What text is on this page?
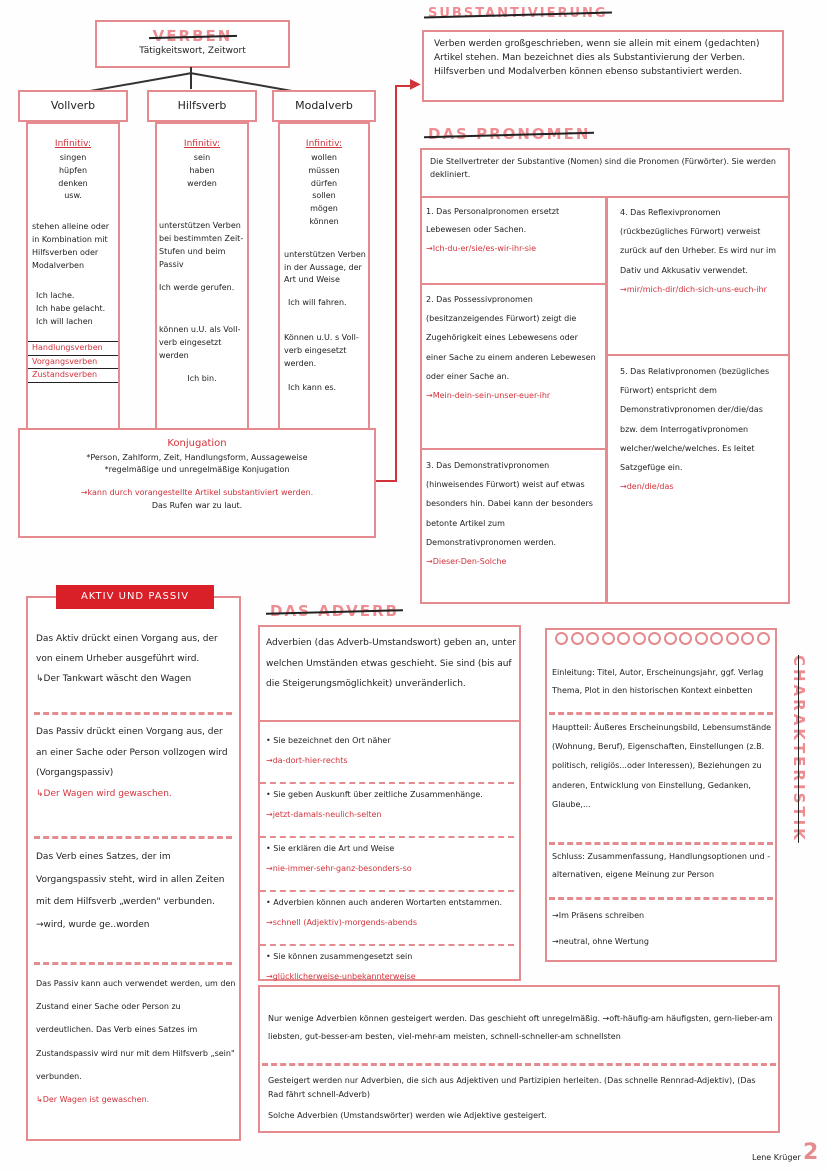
VERBEN
Tätigkeitswort, Zeitwort
Vollverb
Infinitiv:
singen
hüpfen
denken
usw.
stehen alleine oder in Kombination mit Hilfsverben oder Modalverben
Ich lache.
Ich habe gelacht.
Ich will lachen
Handlungsverben
Vorgangsverben
Zustandsverben
Hilfsverb
Infinitiv:
sein
haben
werden
unterstützen Verben bei bestimmten Zeit-Stufen und beim Passiv
Ich werde gerufen.
können u.U. als Voll-verb eingesetzt werden
Ich bin.
Modalverb
Infinitiv:
wollen
müssen
dürfen
sollen
mögen
können
unterstützen Verben in der Aussage, der Art und Weise
Ich will fahren.
Können u.U. s Voll-verb eingesetzt werden.
Ich kann es.
Konjugation
*Person, Zahlform, Zeit, Handlungsform, Aussageweise
*regelmäßige und unregelmäßige Konjugation
→kann durch vorangestellte Artikel substantiviert werden.
Das Rufen war zu laut.
▶
SUBSTANTIVIERUNG
Verben werden großgeschrieben, wenn sie allein mit einem (gedachten) Artikel stehen. Man bezeichnet dies als Substantivierung der Verben. Hilfsverben und Modalverben können ebenso substantiviert werden.
DAS PRONOMEN
Die Stellvertreter der Substantive (Nomen) sind die Pronomen (Fürwörter). Sie werden dekliniert.
1. Das Personalpronomen ersetzt Lebewesen oder Sachen.
→Ich-du-er/sie/es-wir-ihr-sie
2. Das Possessivpronomen (besitzanzeigendes Fürwort) zeigt die Zugehörigkeit eines Lebewesens oder einer Sache zu einem anderen Lebewesen oder einer Sache an.
→Mein-dein-sein-unser-euer-ihr
3. Das Demonstrativpronomen (hinweisendes Fürwort) weist auf etwas besonders hin. Dabei kann der besonders betonte Artikel zum Demonstrativpronomen werden.
→Dieser-Den-Solche
4. Das Reflexivpronomen (rückbezügliches Fürwort) verweist zurück auf den Urheber. Es wird nur im Dativ und Akkusativ verwendet.
→mir/mich-dir/dich-sich-uns-euch-ihr
5. Das Relativpronomen (bezügliches Fürwort) entspricht dem Demonstrativpronomen der/die/das bzw. dem Interrogativpronomen welcher/welche/welches. Es leitet Satzgefüge ein.
→den/die/das
AKTIV UND PASSIV
Das Aktiv drückt einen Vorgang aus, der von einem Urheber ausgeführt wird.
↳Der Tankwart wäscht den Wagen
Das Passiv drückt einen Vorgang aus, der an einer Sache oder Person vollzogen wird (Vorgangspassiv)
↳Der Wagen wird gewaschen.
Das Verb eines Satzes, der im Vorgangspassiv steht, wird in allen Zeiten mit dem Hilfsverb „werden" verbunden. →wird, wurde ge..worden
Das Passiv kann auch verwendet werden, um den Zustand einer Sache oder Person zu verdeutlichen. Das Verb eines Satzes im Zustandspassiv wird nur mit dem Hilfsverb „sein" verbunden.
↳Der Wagen ist gewaschen.
DAS ADVERB
Adverbien (das Adverb-Umstandswort) geben an, unter welchen Umständen etwas geschieht. Sie sind (bis auf die Steigerungsmöglichkeit) unveränderlich.
• Sie bezeichnet den Ort näher
→da-dort-hier-rechts
• Sie geben Auskunft über zeitliche Zusammenhänge.
→jetzt-damals-neulich-selten
• Sie erklären die Art und Weise
→nie-immer-sehr-ganz-besonders-so
• Adverbien können auch anderen Wortarten entstammen.
→schnell (Adjektiv)-morgends-abends
• Sie können zusammengesetzt sein
→glücklicherweise-unbekannterweise
Nur wenige Adverbien können gesteigert werden. Das geschieht oft unregelmäßig. →oft-häufig-am häufigsten, gern-lieber-am liebsten, gut-besser-am besten, viel-mehr-am meisten, schnell-schneller-am schnellsten
Gesteigert werden nur Adverbien, die sich aus Adjektiven und Partizipien herleiten. (Das schnelle Rennrad-Adjektiv), (Das Rad fährt schnell-Adverb)
Solche Adverbien (Umstandswörter) werden wie Adjektive gesteigert.
Einleitung: Titel, Autor, Erscheinungsjahr, ggf. Verlag Thema, Plot in den historischen Kontext einbetten
Hauptteil: Äußeres Erscheinungsbild, Lebensumstände (Wohnung, Beruf), Eigenschaften, Einstellungen (z.B. politisch, religiös...oder Interessen), Beziehungen zu anderen, Entwicklung von Einstellung, Gedanken, Glaube,...
Schluss: Zusammenfassung, Handlungsoptionen und -alternativen, eigene Meinung zur Person
→Im Präsens schreiben
→neutral, ohne Wertung
CHARAKTERISTIK
Lene Krüger 2
